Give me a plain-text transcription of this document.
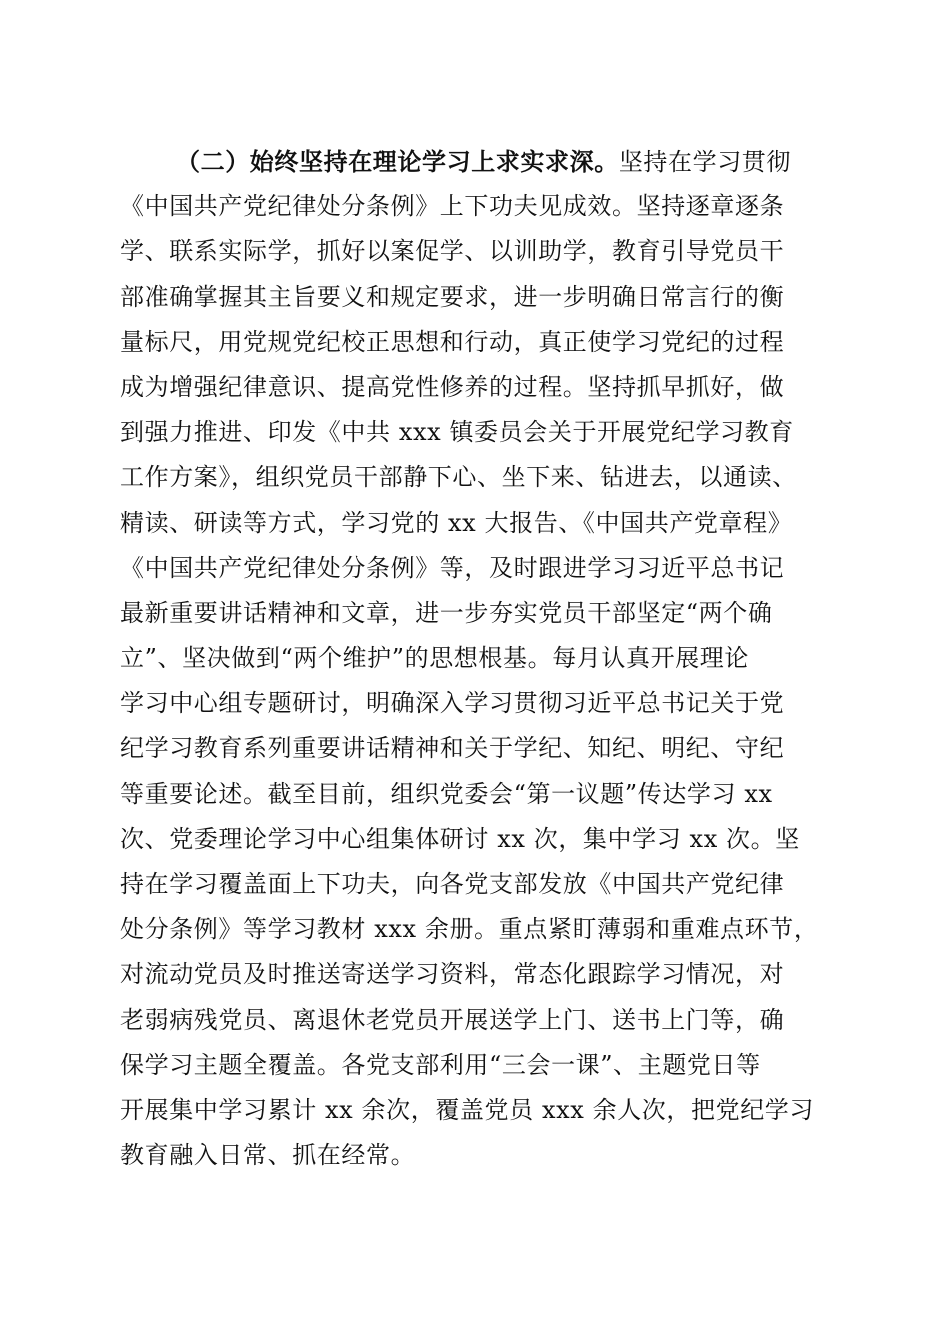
（二）始终坚持在理论学习上求实求深。坚持在学习贯彻
《中国共产党纪律处分条例》上下功夫见成效。坚持逐章逐条
学、联系实际学，抓好以案促学、以训助学，教育引导党员干
部准确掌握其主旨要义和规定要求，进一步明确日常言行的衡
量标尺，用党规党纪校正思想和行动，真正使学习党纪的过程
成为增强纪律意识、提高党性修养的过程。坚持抓早抓好，做
到强力推进、印发《中共 xxx 镇委员会关于开展党纪学习教育
工作方案》，组织党员干部静下心、坐下来、钻进去，以通读、
精读、研读等方式，学习党的 xx 大报告、《中国共产党章程》
《中国共产党纪律处分条例》等，及时跟进学习习近平总书记
最新重要讲话精神和文章，进一步夯实党员干部坚定“两个确
立”、坚决做到“两个维护”的思想根基。每月认真开展理论
学习中心组专题研讨，明确深入学习贯彻习近平总书记关于党
纪学习教育系列重要讲话精神和关于学纪、知纪、明纪、守纪
等重要论述。截至目前，组织党委会“第一议题”传达学习 xx
次、党委理论学习中心组集体研讨 xx 次，集中学习 xx 次。坚
持在学习覆盖面上下功夫，向各党支部发放《中国共产党纪律
处分条例》等学习教材 xxx 余册。重点紧盯薄弱和重难点环节，
对流动党员及时推送寄送学习资料，常态化跟踪学习情况，对
老弱病残党员、离退休老党员开展送学上门、送书上门等，确
保学习主题全覆盖。各党支部利用“三会一课”、主题党日等
开展集中学习累计 xx 余次，覆盖党员 xxx 余人次，把党纪学习
教育融入日常、抓在经常。
